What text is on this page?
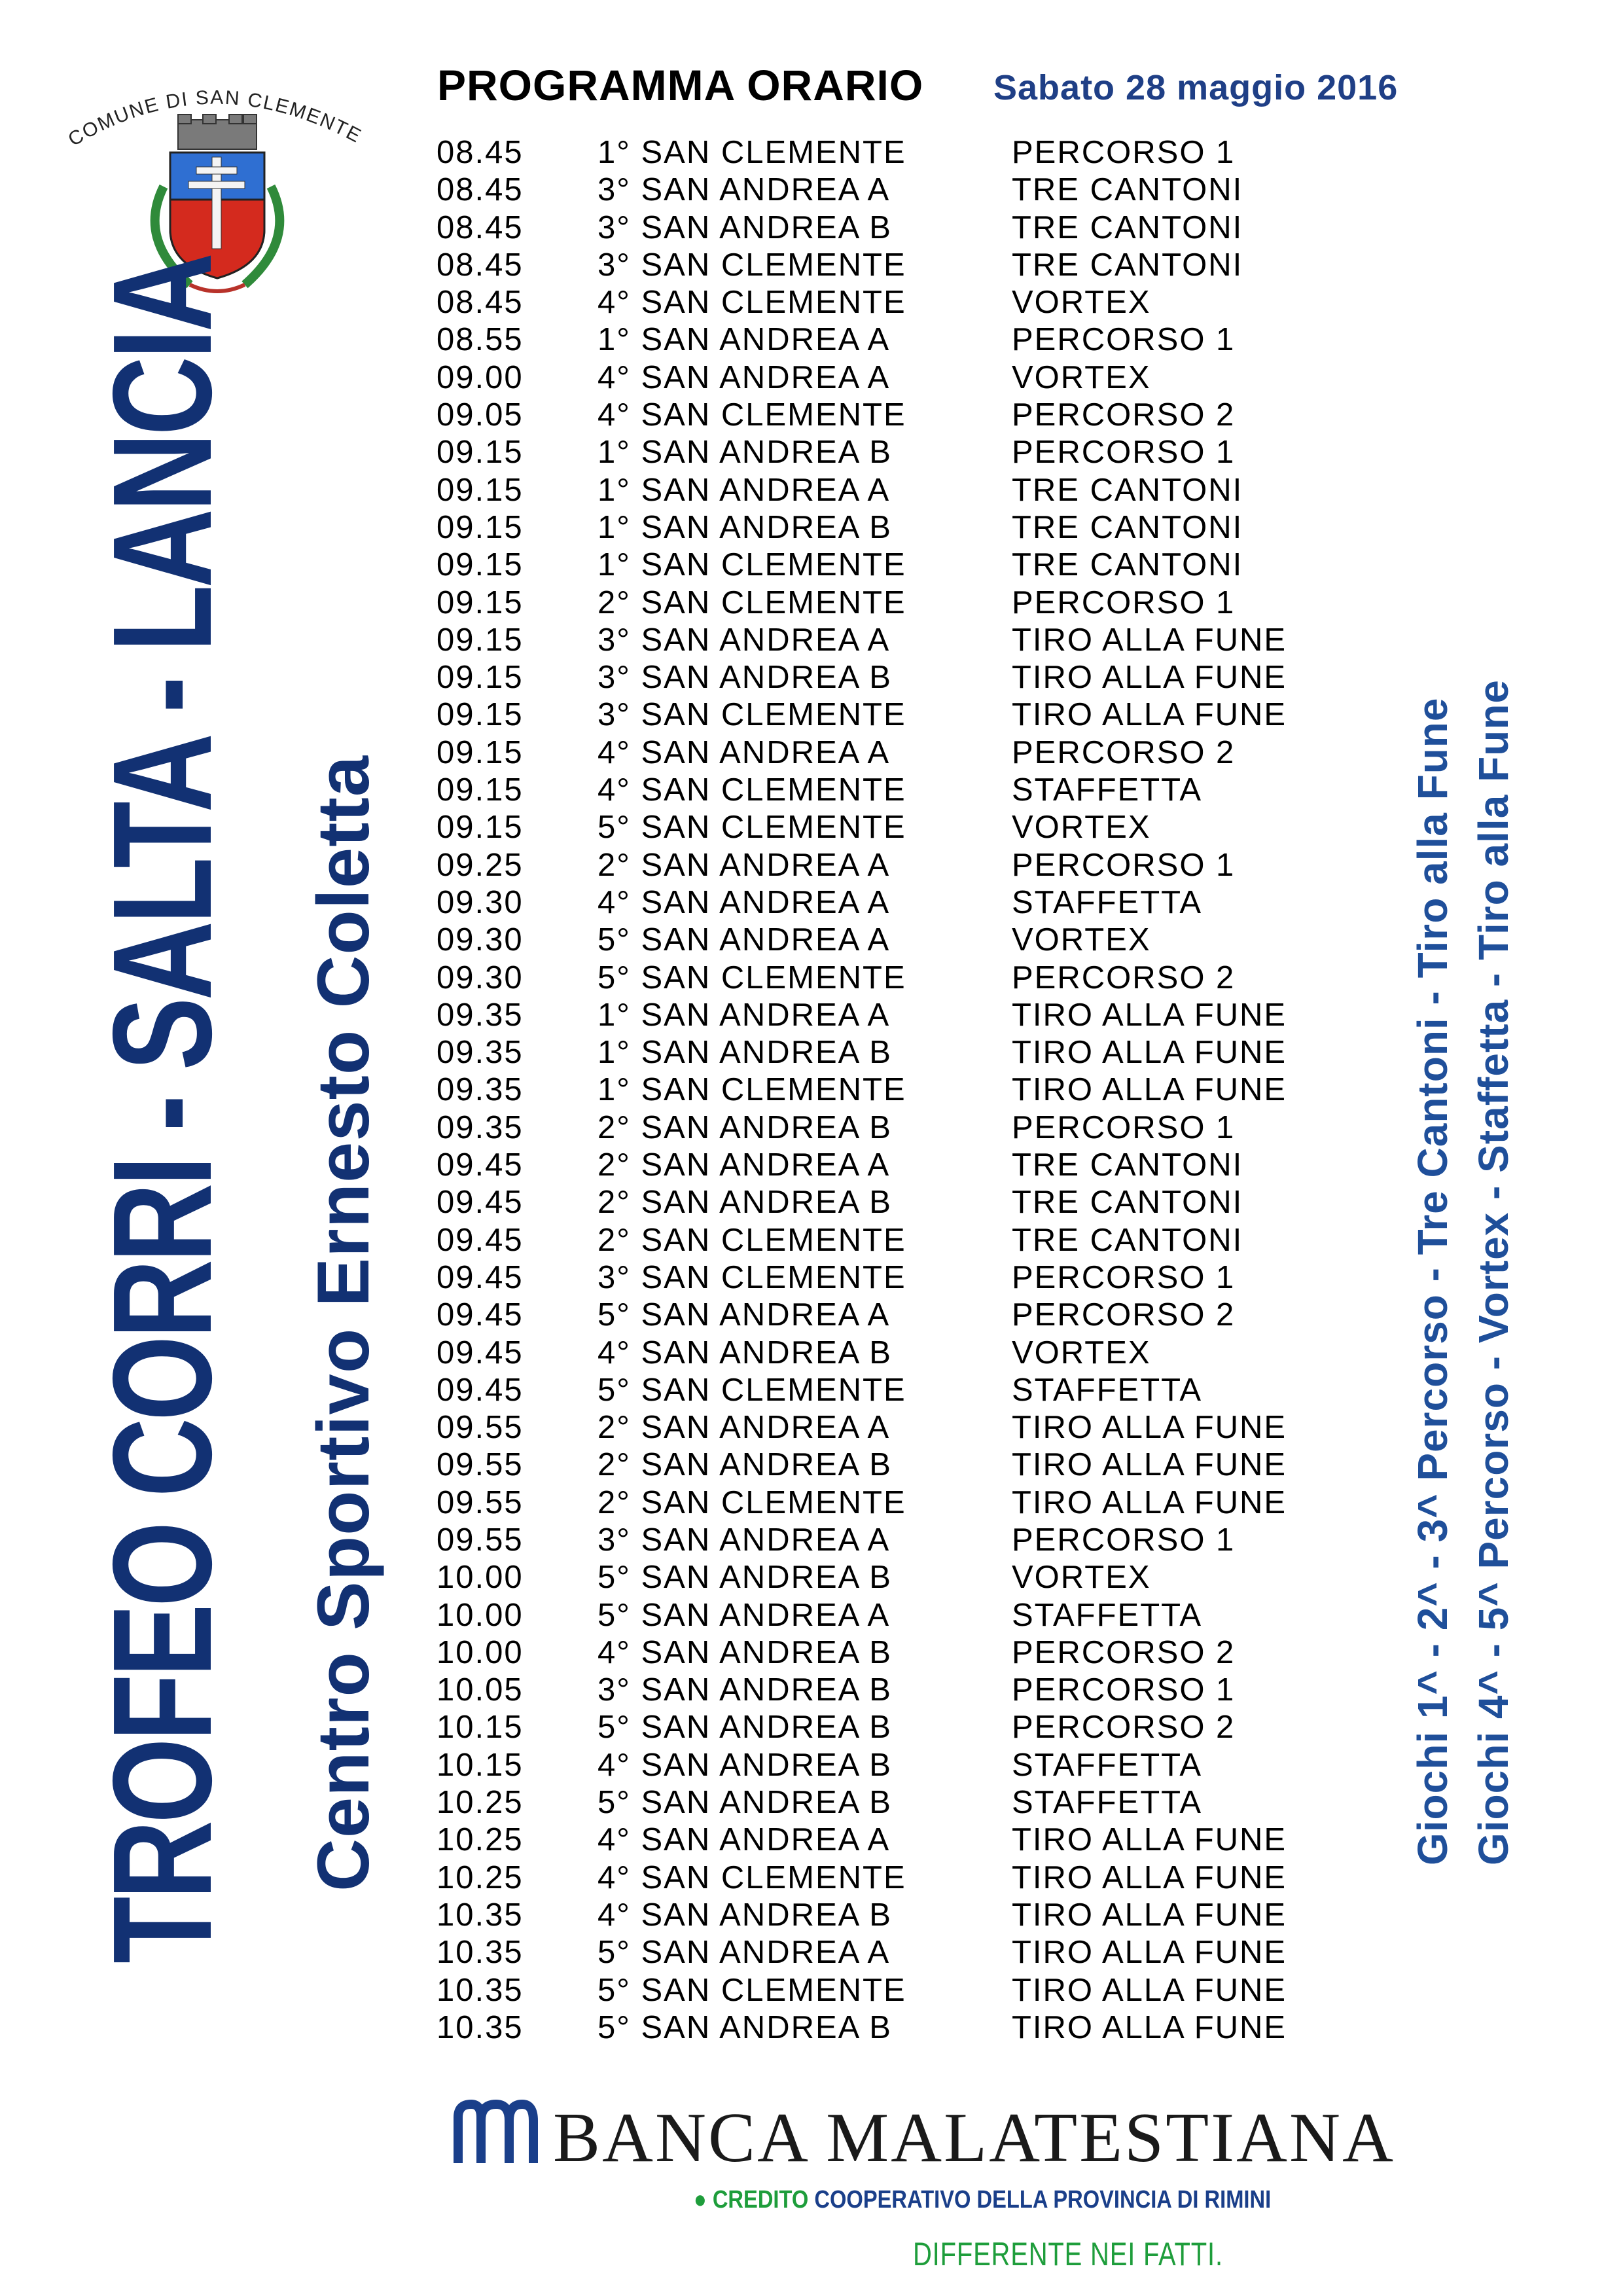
COMUNE DI SAN CLEMENTE
TROFEO CORRI - SALTA - LANCIA Centro Sportivo Ernesto Coletta
PROGRAMMA ORARIO Sabato 28 maggio 2016
08.45 1° SAN CLEMENTE	PERCORSO 1
08.45 3° SAN ANDREA A	TRE CANTONI
08.45 3° SAN ANDREA B	TRE CANTONI
08.45 3° SAN CLEMENTE	TRE CANTONI
08.45 4° SAN CLEMENTE	VORTEX
08.55 1° SAN ANDREA A	PERCORSO 1
09.00 4° SAN ANDREA A	VORTEX
09.05 4° SAN CLEMENTE	PERCORSO 2
09.15 1° SAN ANDREA B	PERCORSO 1
09.15 1° SAN ANDREA A	TRE CANTONI
09.15 1° SAN ANDREA B	TRE CANTONI
09.15 1° SAN CLEMENTE	TRE CANTONI
09.15 2° SAN CLEMENTE	PERCORSO 1
09.15 3° SAN ANDREA A	TIRO ALLA FUNE
09.15 3° SAN ANDREA B	TIRO ALLA FUNE
09.15 3° SAN CLEMENTE	TIRO ALLA FUNE
09.15 4° SAN ANDREA A	PERCORSO 2
09.15 4° SAN CLEMENTE	STAFFETTA
09.15 5° SAN CLEMENTE	VORTEX
09.25 2° SAN ANDREA A	PERCORSO 1
09.30 4° SAN ANDREA A	STAFFETTA
09.30 5° SAN ANDREA A	VORTEX
09.30 5° SAN CLEMENTE	PERCORSO 2
09.35 1° SAN ANDREA A	TIRO ALLA FUNE
09.35 1° SAN ANDREA B	TIRO ALLA FUNE
09.35 1° SAN CLEMENTE	TIRO ALLA FUNE
09.35 2° SAN ANDREA B	PERCORSO 1
09.45 2° SAN ANDREA A	TRE CANTONI
09.45 2° SAN ANDREA B	TRE CANTONI
09.45 2° SAN CLEMENTE	TRE CANTONI
09.45 3° SAN CLEMENTE	PERCORSO 1
09.45 5° SAN ANDREA A	PERCORSO 2
09.45 4° SAN ANDREA B	VORTEX
09.45 5° SAN CLEMENTE	STAFFETTA
09.55 2° SAN ANDREA A	TIRO ALLA FUNE
09.55 2° SAN ANDREA B	TIRO ALLA FUNE
09.55 2° SAN CLEMENTE	TIRO ALLA FUNE
09.55 3° SAN ANDREA A	PERCORSO 1
10.00 5° SAN ANDREA B	VORTEX
10.00 5° SAN ANDREA A	STAFFETTA
10.00 4° SAN ANDREA B	PERCORSO 2
10.05 3° SAN ANDREA B	PERCORSO 1
10.15 5° SAN ANDREA B	PERCORSO 2
10.15 4° SAN ANDREA B	STAFFETTA
10.25 5° SAN ANDREA B	STAFFETTA
10.25 4° SAN ANDREA A	TIRO ALLA FUNE
10.25 4° SAN CLEMENTE	TIRO ALLA FUNE
10.35 4° SAN ANDREA B	TIRO ALLA FUNE
10.35 5° SAN ANDREA A	TIRO ALLA FUNE
10.35 5° SAN CLEMENTE	TIRO ALLA FUNE
10.35 5° SAN ANDREA B	TIRO ALLA FUNE
Giochi 1^ - 2^ - 3^ Percorso - Tre Cantoni - Tiro alla Fune Giochi 4^ - 5^ Percorso - Vortex - Staffetta - Tiro alla Fune
BANCA MALATESTIANA
● CREDITO COOPERATIVO DELLA PROVINCIA DI RIMINI
DIFFERENTE NEI FATTI.
